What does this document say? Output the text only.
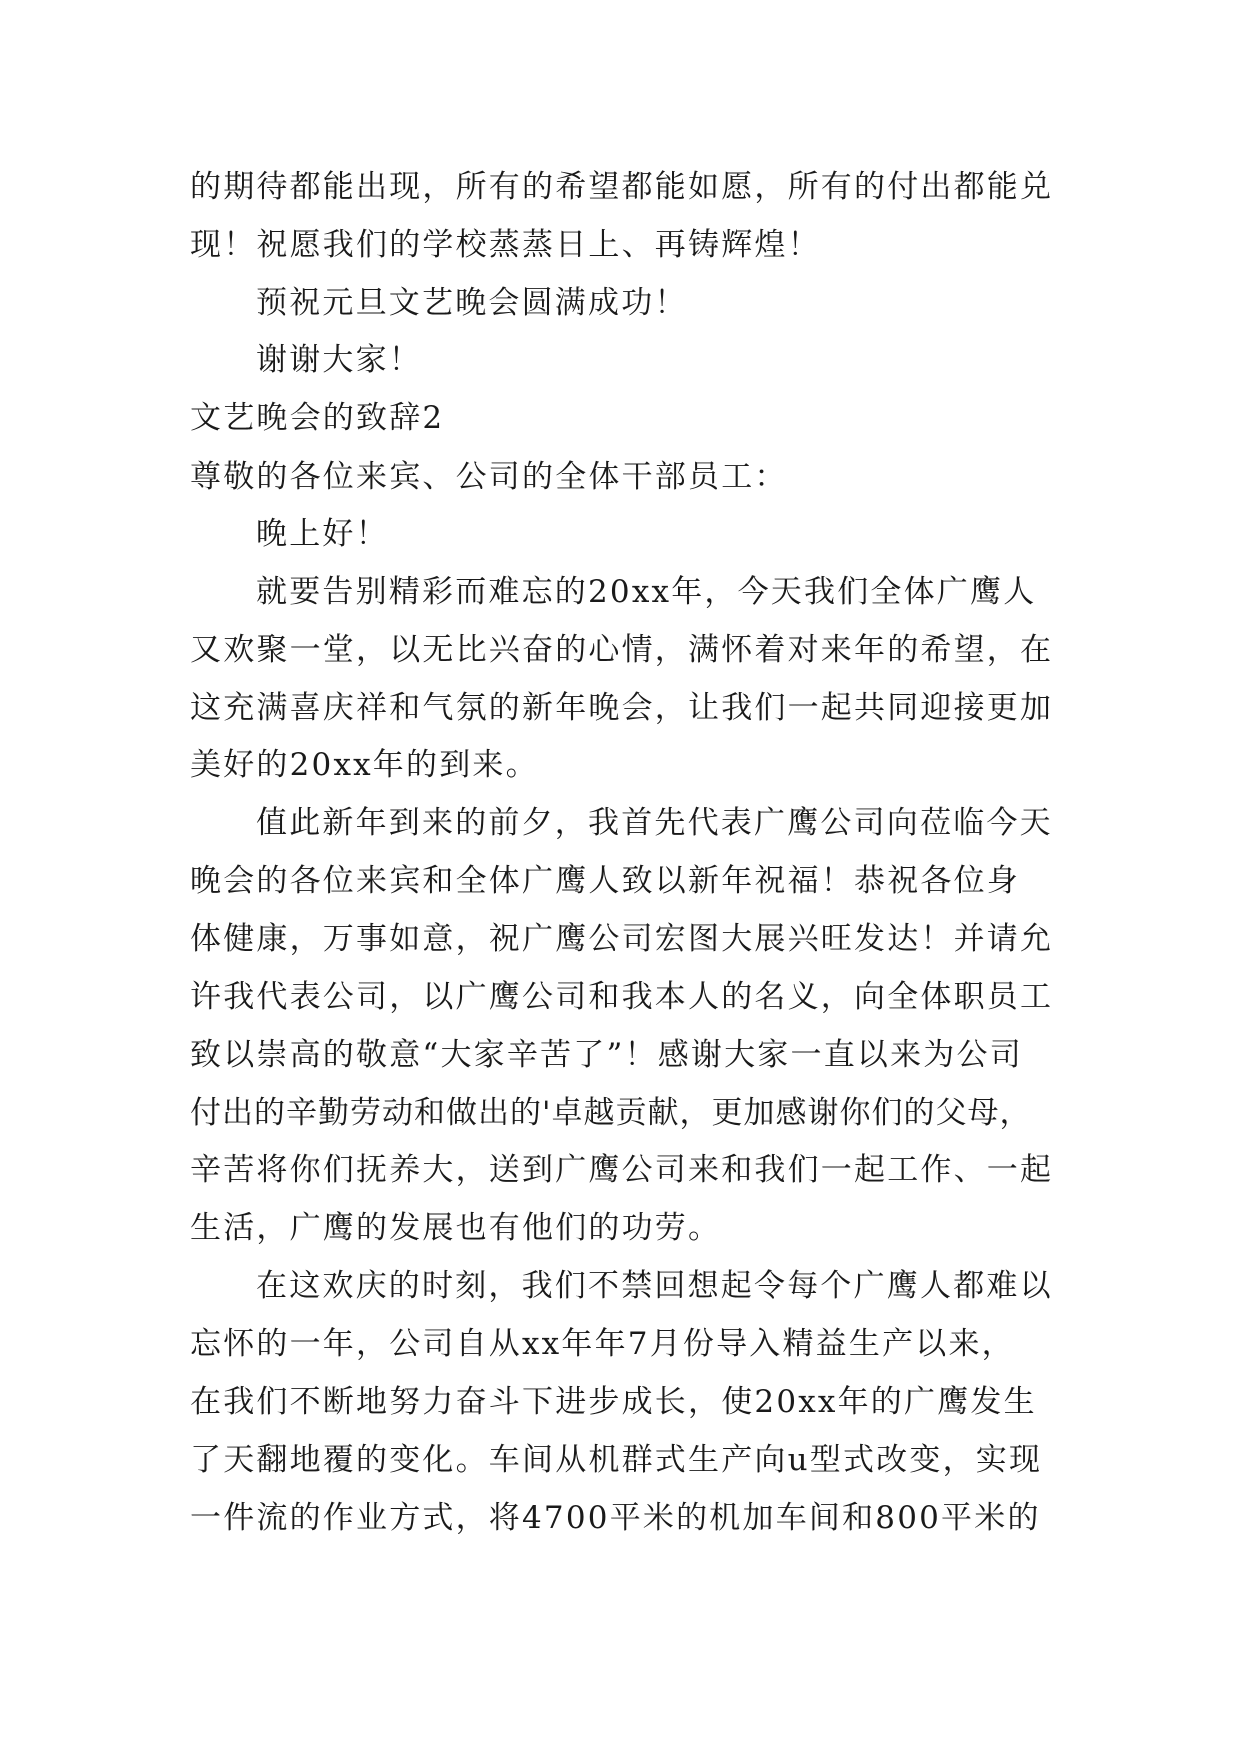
的期待都能出现，所有的希望都能如愿，所有的付出都能兑
现！祝愿我们的学校蒸蒸日上、再铸辉煌！
预祝元旦文艺晚会圆满成功！
谢谢大家！
文艺晚会的致辞2
尊敬的各位来宾、公司的全体干部员工：
晚上好！
就要告别精彩而难忘的20xx年，今天我们全体广鹰人
又欢聚一堂，以无比兴奋的心情，满怀着对来年的希望，在
这充满喜庆祥和气氛的新年晚会，让我们一起共同迎接更加
美好的20xx年的到来。
值此新年到来的前夕，我首先代表广鹰公司向莅临今天
晚会的各位来宾和全体广鹰人致以新年祝福！恭祝各位身
体健康，万事如意，祝广鹰公司宏图大展兴旺发达！并请允
许我代表公司，以广鹰公司和我本人的名义，向全体职员工
致以崇高的敬意“大家辛苦了”！感谢大家一直以来为公司
付出的辛勤劳动和做出的'卓越贡献，更加感谢你们的父母，
辛苦将你们抚养大，送到广鹰公司来和我们一起工作、一起
生活，广鹰的发展也有他们的功劳。
在这欢庆的时刻，我们不禁回想起令每个广鹰人都难以
忘怀的一年，公司自从xx年年7月份导入精益生产以来，
在我们不断地努力奋斗下进步成长，使20xx年的广鹰发生
了天翻地覆的变化。车间从机群式生产向u型式改变，实现
一件流的作业方式，将4700平米的机加车间和800平米的
